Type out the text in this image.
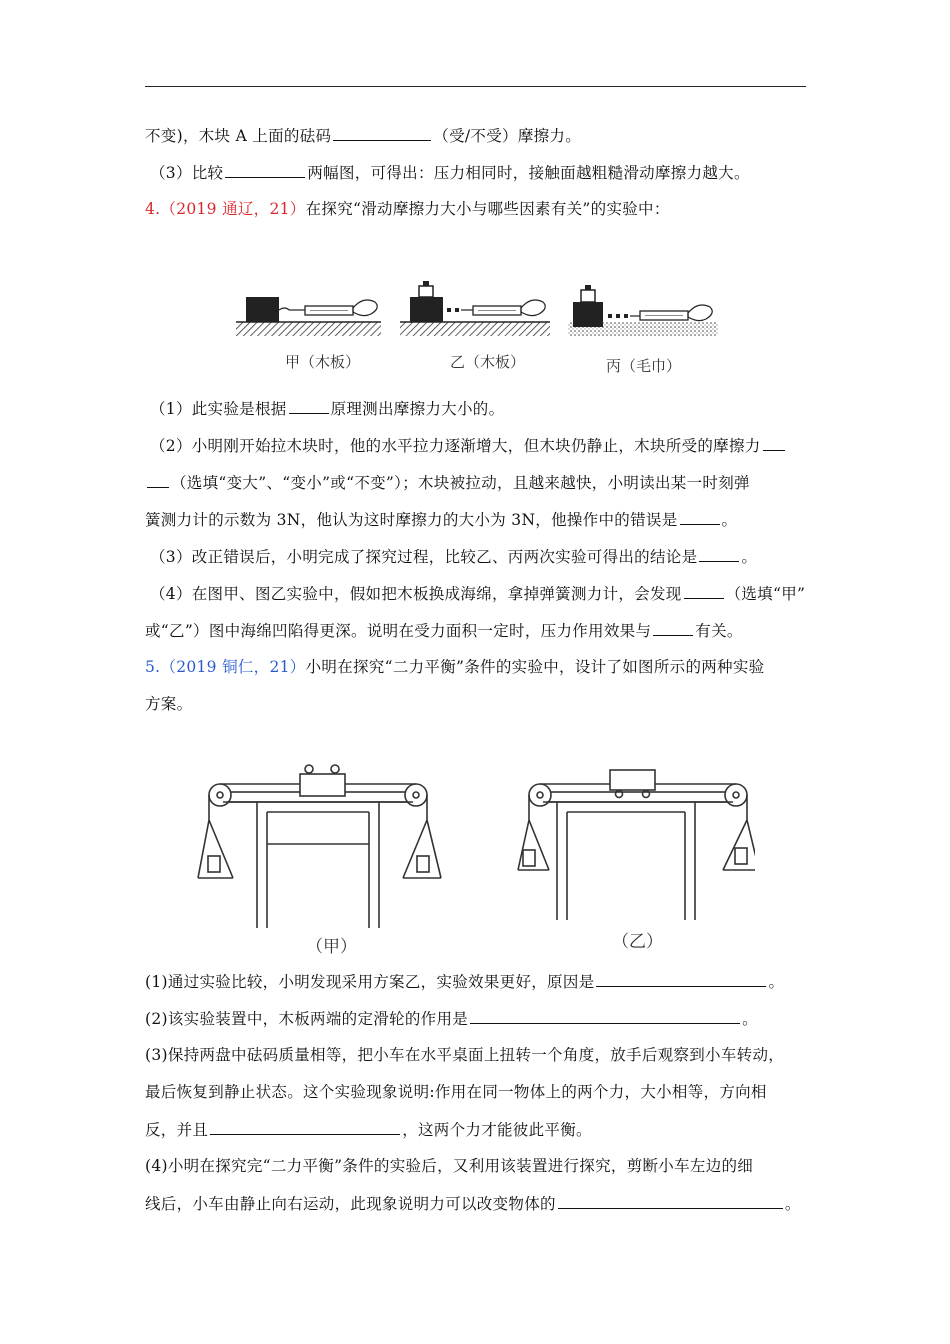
不变)，木块 A 上面的砝码	（受/不受）摩擦力。
（3）比较	两幅图，可得出：压力相同时，接触面越粗糙滑动摩擦力越大。
4.（2019 通辽，21）在探究“滑动摩擦力大小与哪些因素有关”的实验中：
甲（木板）	乙（木板）	丙（毛巾）
（1）此实验是根据	原理测出摩擦力大小的。
（2）小明刚开始拉木块时，他的水平拉力逐渐增大，但木块仍静止，木块所受的摩擦力
（选填“变大”、“变小”或“不变”）；木块被拉动，且越来越快，小明读出某一时刻弹
簧测力计的示数为 3N，他认为这时摩擦力的大小为 3N，他操作中的错误是	。
（3）改正错误后，小明完成了探究过程，比较乙、丙两次实验可得出的结论是	。
（4）在图甲、图乙实验中，假如把木板换成海绵，拿掉弹簧测力计，会发现	（选填“甲”
或“乙”）图中海绵凹陷得更深。说明在受力面积一定时，压力作用效果与	有关。
5.（2019 铜仁，21）小明在探究“二力平衡”条件的实验中，设计了如图所示的两种实验
方案。
（甲）	（乙）
(1)通过实验比较，小明发现采用方案乙，实验效果更好，原因是	。
(2)该实验装置中，木板两端的定滑轮的作用是	。
(3)保持两盘中砝码质量相等，把小车在水平桌面上扭转一个角度，放手后观察到小车转动，
最后恢复到静止状态。这个实验现象说明:作用在同一物体上的两个力，大小相等，方向相
反，并且	，这两个力才能彼此平衡。
(4)小明在探究完“二力平衡”条件的实验后，又利用该装置进行探究，剪断小车左边的细
线后，小车由静止向右运动，此现象说明力可以改变物体的	。
